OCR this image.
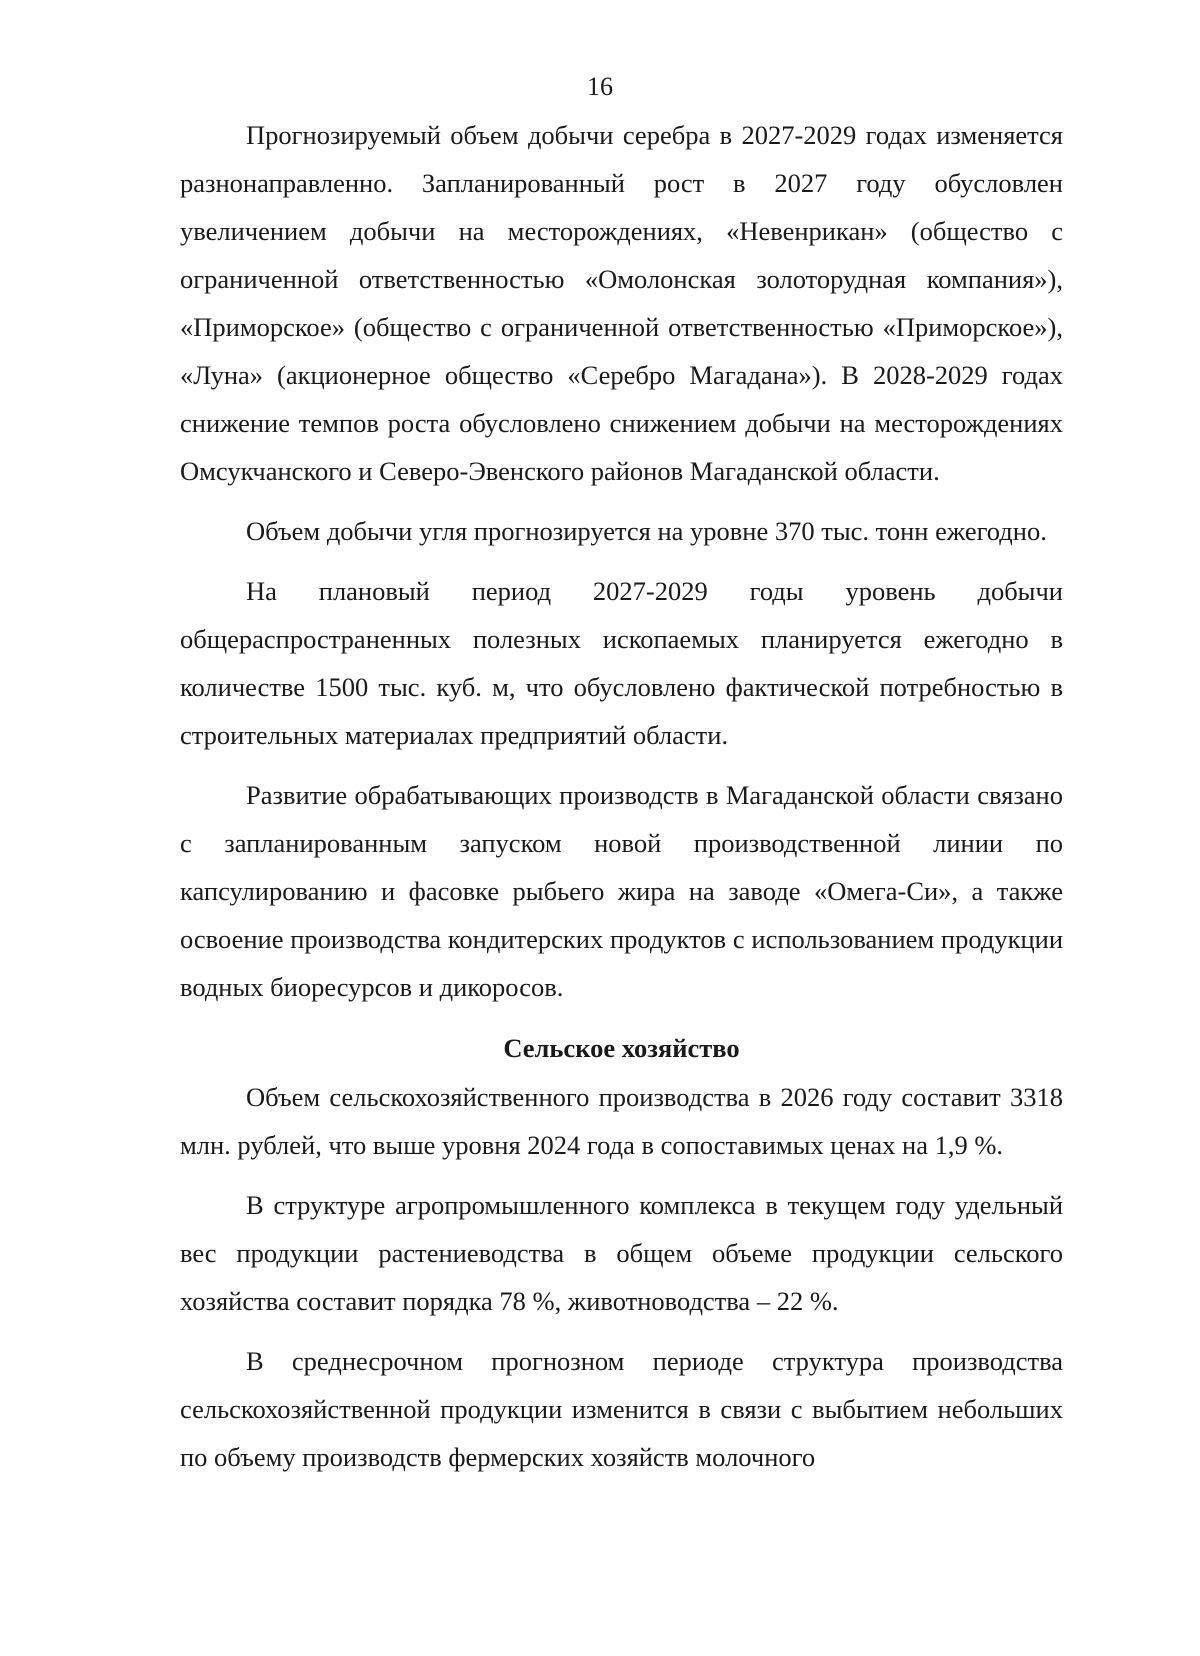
16

Прогнозируемый объем добычи серебра в 2027-2029 годах изменяется разнонаправленно. Запланированный рост в 2027 году обусловлен увеличением добычи на месторождениях, «Невенрикан» (общество с ограниченной ответственностью «Омолонская золоторудная компания»), «Приморское» (общество с ограниченной ответственностью «Приморское»), «Луна» (акционерное общество «Серебро Магадана»). В 2028-2029 годах снижение темпов роста обусловлено снижением добычи на месторождениях Омсукчанского и Северо-Эвенского районов Магаданской области.

Объем добычи угля прогнозируется на уровне 370 тыс. тонн ежегодно.

На плановый период 2027-2029 годы уровень добычи общераспространенных полезных ископаемых планируется ежегодно в количестве 1500 тыс. куб. м, что обусловлено фактической потребностью в строительных материалах предприятий области.

Развитие обрабатывающих производств в Магаданской области связано с запланированным запуском новой производственной линии по капсулированию и фасовке рыбьего жира на заводе «Омега-Си», а также освоение производства кондитерских продуктов с использованием продукции водных биоресурсов и дикоросов.

Сельское хозяйство

Объем сельскохозяйственного производства в 2026 году составит 3318 млн. рублей, что выше уровня 2024 года в сопоставимых ценах на 1,9 %.

В структуре агропромышленного комплекса в текущем году удельный вес продукции растениеводства в общем объеме продукции сельского хозяйства составит порядка 78 %, животноводства – 22 %.

В среднесрочном прогнозном периоде структура производства сельскохозяйственной продукции изменится в связи с выбытием небольших по объему производств фермерских хозяйств молочного
